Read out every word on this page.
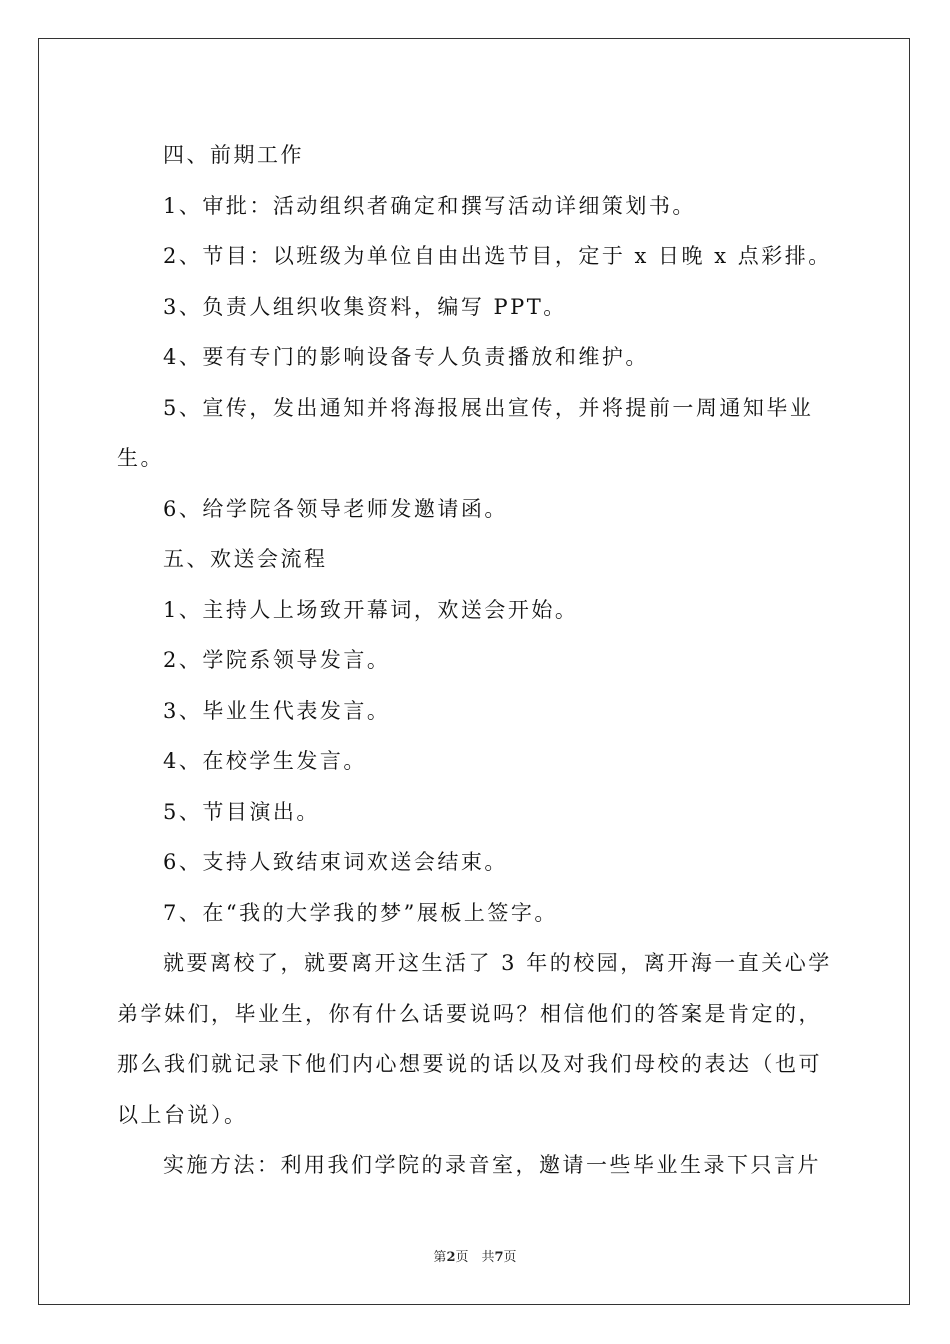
四、前期工作

1、审批：活动组织者确定和撰写活动详细策划书。

2、节目：以班级为单位自由出选节目，定于 x 日晚 x 点彩排。

3、负责人组织收集资料，编写 PPT。

4、要有专门的影响设备专人负责播放和维护。

5、宣传，发出通知并将海报展出宣传，并将提前一周通知毕业生。

6、给学院各领导老师发邀请函。

五、欢送会流程

1、主持人上场致开幕词，欢送会开始。

2、学院系领导发言。

3、毕业生代表发言。

4、在校学生发言。

5、节目演出。

6、支持人致结束词欢送会结束。

7、在“我的大学我的梦”展板上签字。

就要离校了，就要离开这生活了 3 年的校园，离开海一直关心学弟学妹们，毕业生，你有什么话要说吗？相信他们的答案是肯定的，那么我们就记录下他们内心想要说的话以及对我们母校的表达（也可以上台说）。

实施方法：利用我们学院的录音室，邀请一些毕业生录下只言片

第2页　共7页
